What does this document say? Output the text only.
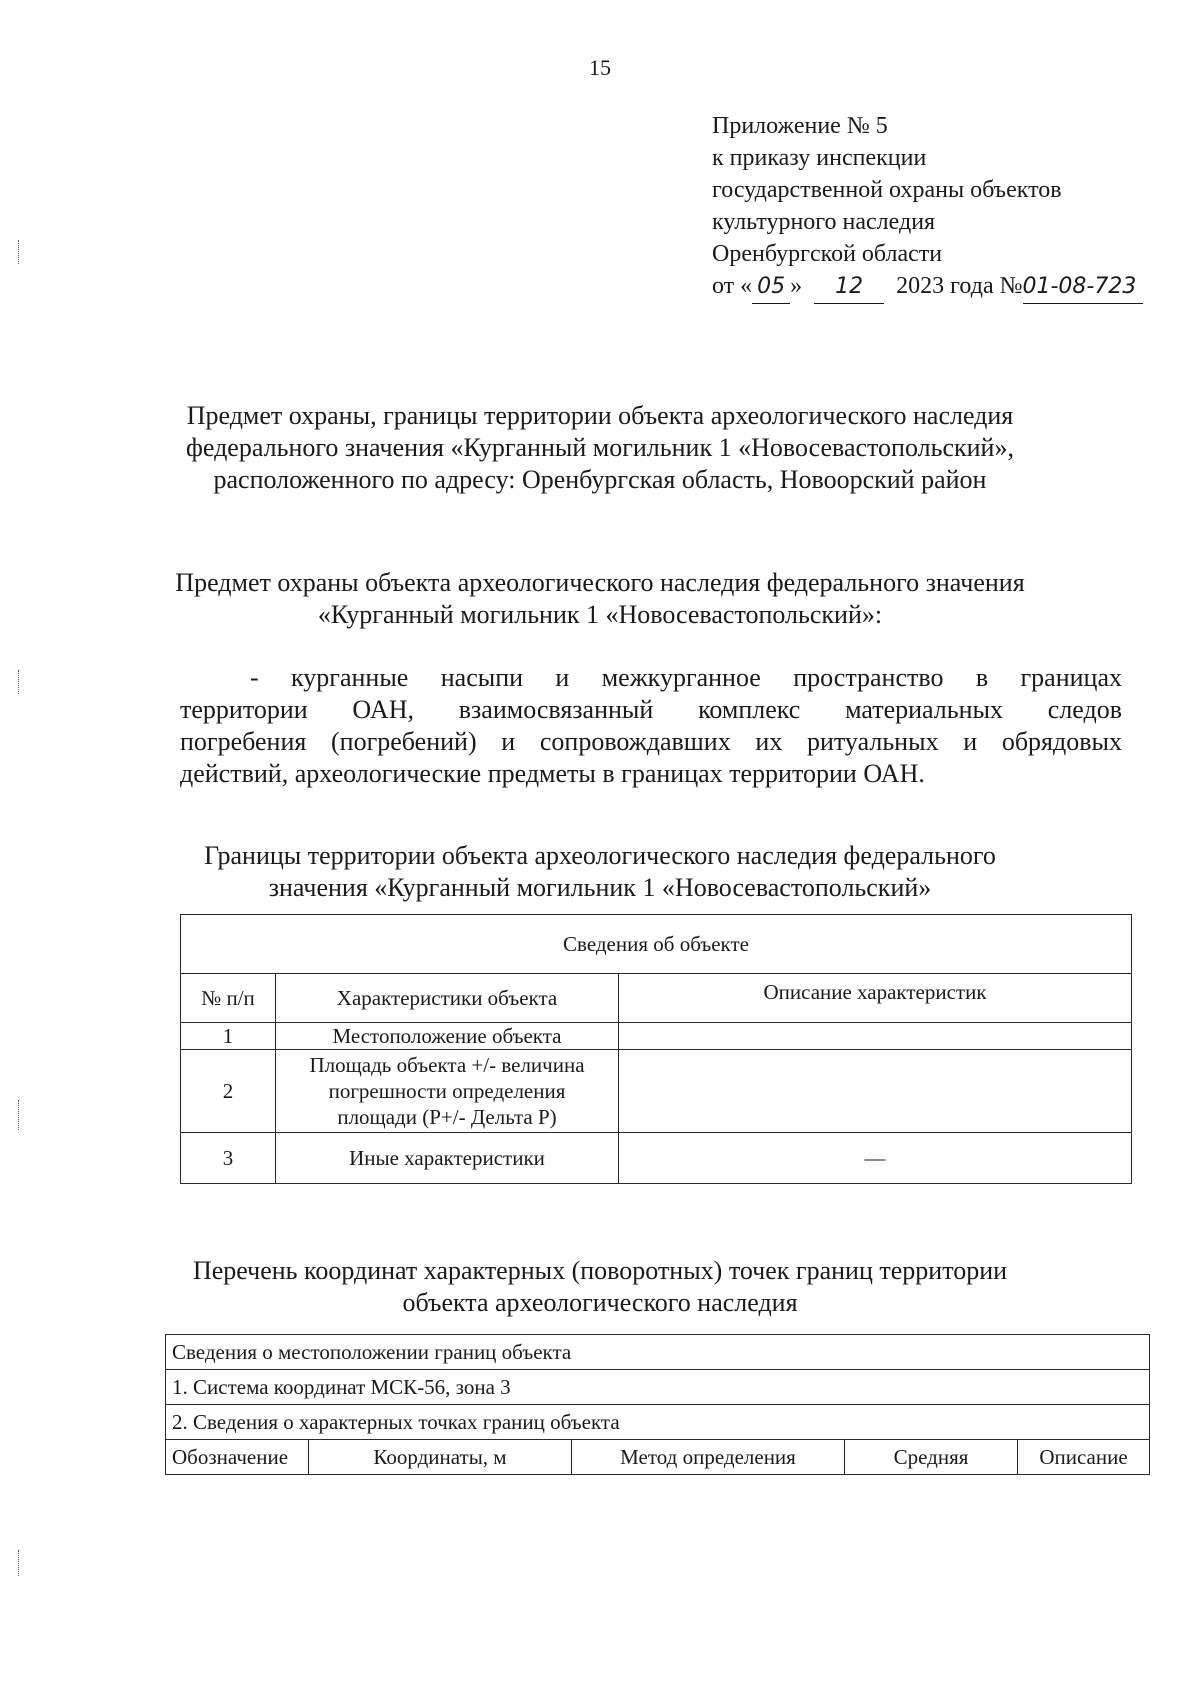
15
Приложение № 5
к приказу инспекции
государственной охраны объектов
культурного наследия
Оренбургской области
от « 05 » 12 2023 года №01-08-723
Предмет охраны, границы территории объекта археологического наследия
федерального значения «Курганный могильник 1 «Новосевастопольский»,
расположенного по адресу: Оренбургская область, Новоорский район
Предмет охраны объекта археологического наследия федерального значения
«Курганный могильник 1 «Новосевастопольский»:
- курганные насыпи и межкурганное пространство в границах
территории ОАН, взаимосвязанный комплекс материальных следов
погребения (погребений) и сопровождавших их ритуальных и обрядовых
действий, археологические предметы в границах территории ОАН.
Границы территории объекта археологического наследия федерального
значения «Курганный могильник 1 «Новосевастопольский»
Сведения об объекте		
№ п/п	Характеристики объекта	Описание характеристик
1	Местоположение объекта	
2	Площадь объекта +/- величина
погрешности определения
площади (Р+/- Дельта Р)	

3	Иные характеристики	—
Перечень координат характерных (поворотных) точек границ территории
объекта археологического наследия
Сведения о местоположении границ объекта
1. Система координат МСК-56, зона 3
2. Сведения о характерных точках границ объекта
Обозначение	Координаты, м	Метод определения	Средняя	Описание
